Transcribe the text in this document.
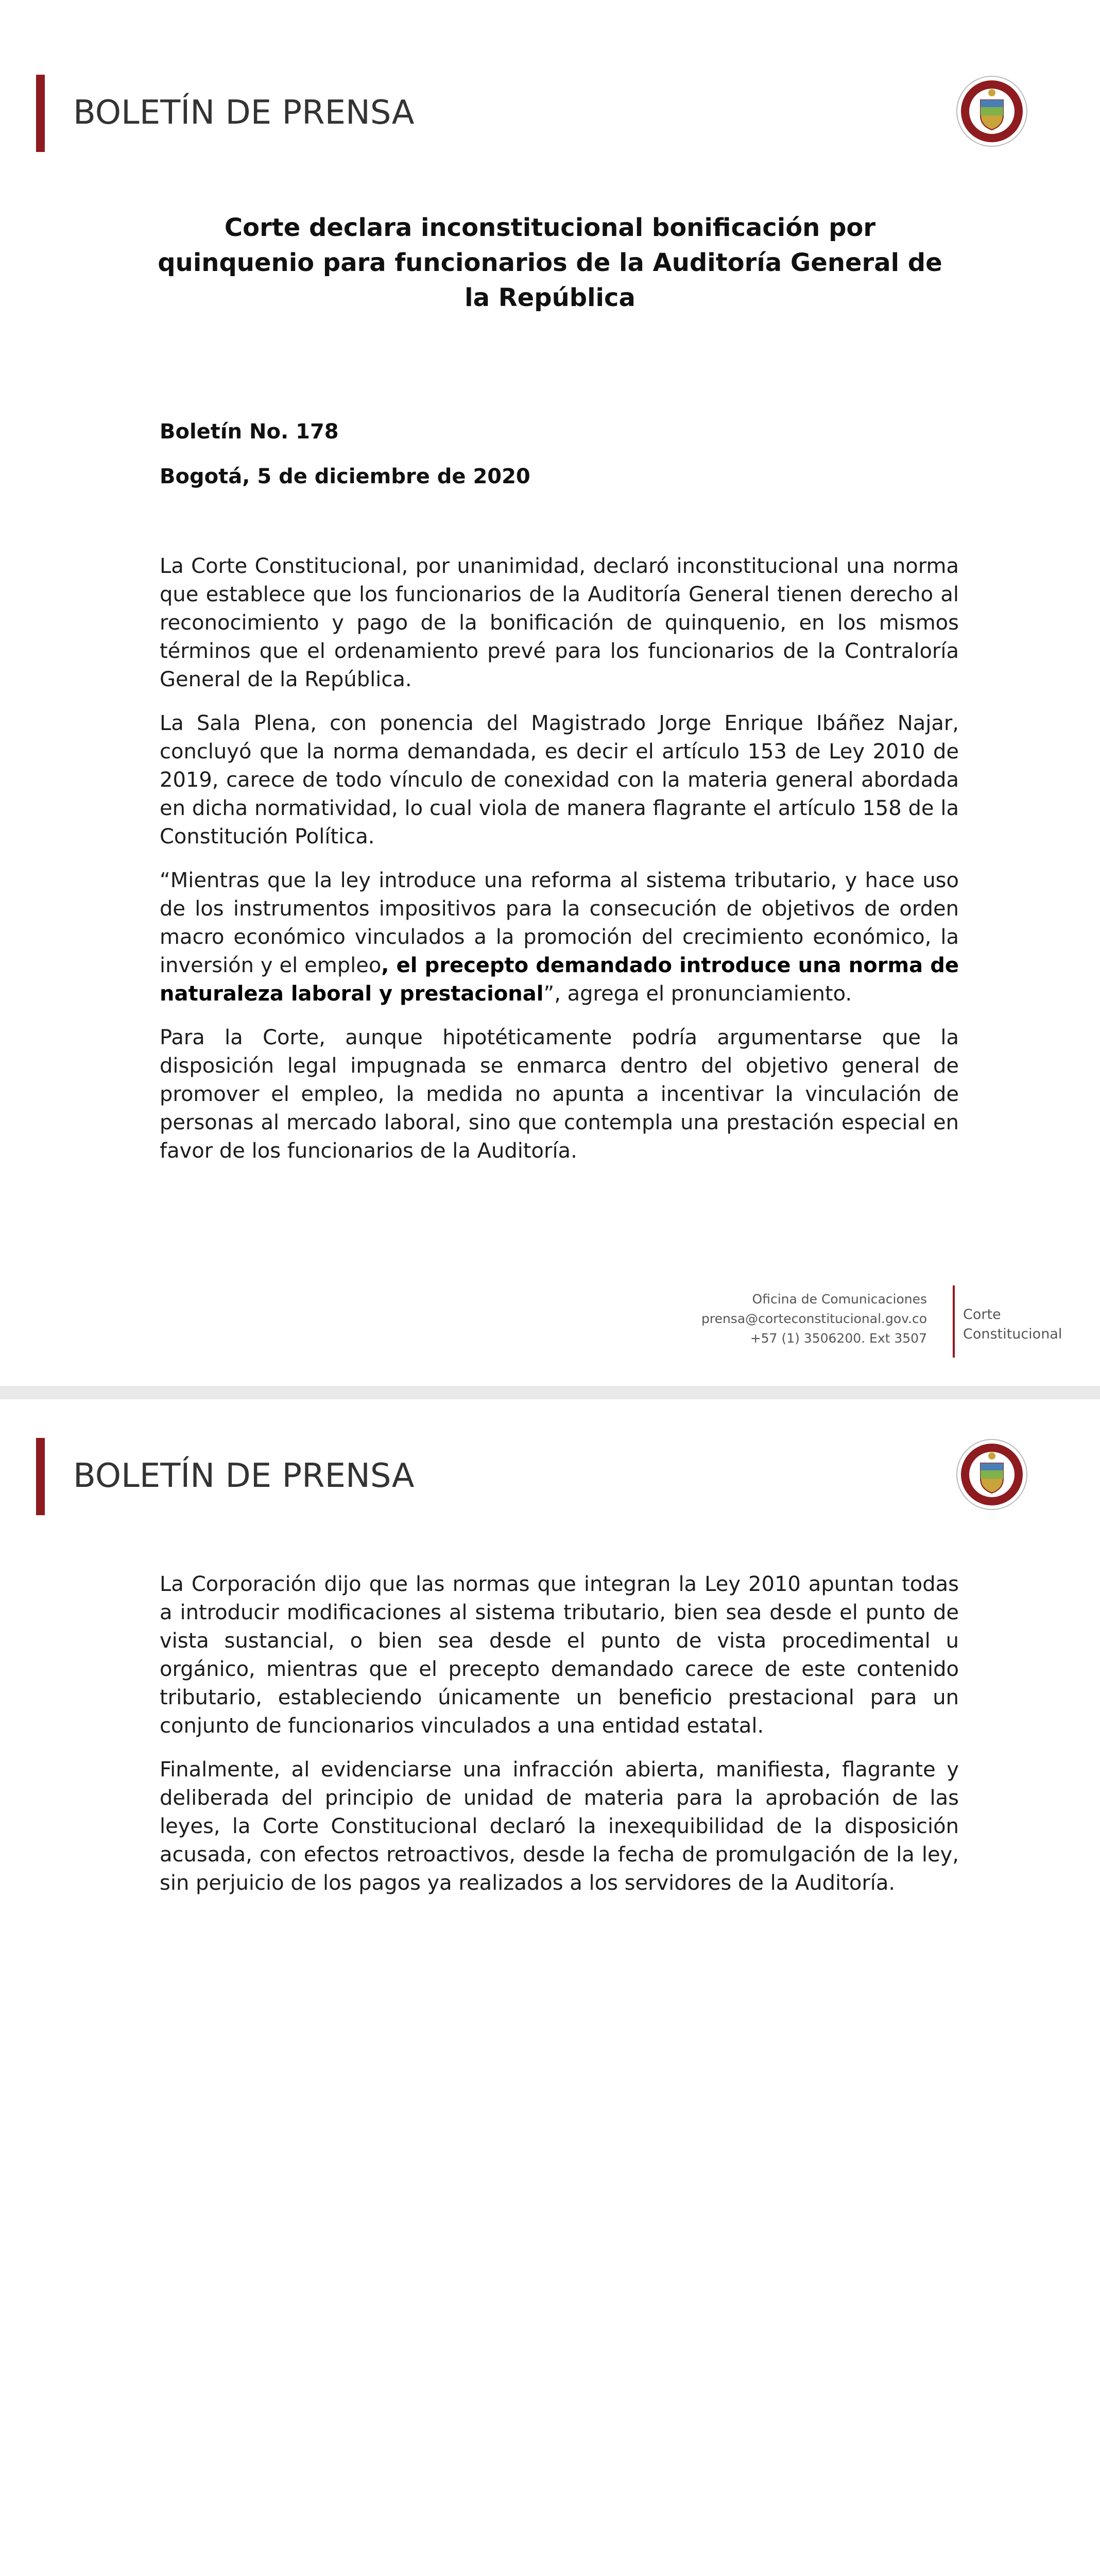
BOLETÍN DE PRENSA
Corte declara inconstitucional bonificación por quinquenio para funcionarios de la Auditoría General de la República
Boletín No. 178
Bogotá, 5 de diciembre de 2020

La Corte Constitucional, por unanimidad, declaró inconstitucional una norma que establece que los funcionarios de la Auditoría General tienen derecho al reconocimiento y pago de la bonificación de quinquenio, en los mismos términos que el ordenamiento prevé para los funcionarios de la Contraloría General de la República.

La Sala Plena, con ponencia del Magistrado Jorge Enrique Ibáñez Najar, concluyó que la norma demandada, es decir el artículo 153 de Ley 2010 de 2019, carece de todo vínculo de conexidad con la materia general abordada en dicha normatividad, lo cual viola de manera flagrante el artículo 158 de la Constitución Política.

“Mientras que la ley introduce una reforma al sistema tributario, y hace uso de los instrumentos impositivos para la consecución de objetivos de orden macro económico vinculados a la promoción del crecimiento económico, la inversión y el empleo, el precepto demandado introduce una norma de naturaleza laboral y prestacional”, agrega el pronunciamiento.

Para la Corte, aunque hipotéticamente podría argumentarse que la disposición legal impugnada se enmarca dentro del objetivo general de promover el empleo, la medida no apunta a incentivar la vinculación de personas al mercado laboral, sino que contempla una prestación especial en favor de los funcionarios de la Auditoría.

Oficina de Comunicaciones
prensa@corteconstitucional.gov.co
+57 (1) 3506200. Ext 3507
Corte
Constitucional
BOLETÍN DE PRENSA

La Corporación dijo que las normas que integran la Ley 2010 apuntan todas a introducir modificaciones al sistema tributario, bien sea desde el punto de vista sustancial, o bien sea desde el punto de vista procedimental u orgánico, mientras que el precepto demandado carece de este contenido tributario, estableciendo únicamente un beneficio prestacional para un conjunto de funcionarios vinculados a una entidad estatal.

Finalmente, al evidenciarse una infracción abierta, manifiesta, flagrante y deliberada del principio de unidad de materia para la aprobación de las leyes, la Corte Constitucional declaró la inexequibilidad de la disposición acusada, con efectos retroactivos, desde la fecha de promulgación de la ley, sin perjuicio de los pagos ya realizados a los servidores de la Auditoría.
